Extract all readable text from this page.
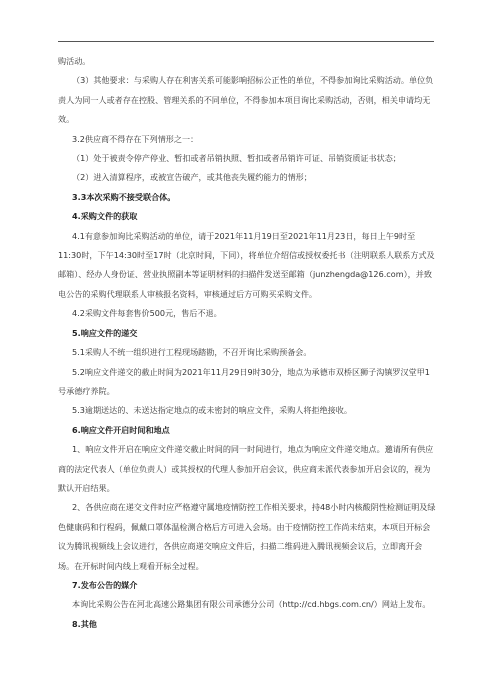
购活动。

（3）其他要求：与采购人存在利害关系可能影响招标公正性的单位，不得参加询比采购活动。单位负责人为同一人或者存在控股、管理关系的不同单位，不得参加本项目询比采购活动，否则，相关申请均无效。

3.2供应商不得存在下列情形之一：

（1）处于被责令停产停业、暂扣或者吊销执照、暂扣或者吊销许可证、吊销资质证书状态；

（2）进入清算程序，或被宣告破产，或其他丧失履约能力的情形；

3.3本次采购不接受联合体。

4.采购文件的获取

4.1有意参加询比采购活动的单位，请于2021年11月19日至2021年11月23日，每日上午9时至11:30时，下午14:30时至17时（北京时间，下同），将单位介绍信或授权委托书（注明联系人联系方式及邮箱）、经办人身份证、营业执照副本等证明材料的扫描件发送至邮箱（junzhengda@126.com），并致电公告的采购代理联系人审核报名资料，审核通过后方可购买采购文件。

4.2采购文件每套售价500元，售后不退。

5.响应文件的递交

5.1采购人不统一组织进行工程现场踏勘，不召开询比采购预备会。

5.2响应文件递交的截止时间为2021年11月29日9时30分，地点为承德市双桥区狮子沟镇罗汉堂甲1号承德疗养院。

5.3逾期送达的、未送达指定地点的或未密封的响应文件，采购人将拒绝接收。

6.响应文件开启时间和地点

1、响应文件开启在响应文件递交截止时间的同一时间进行，地点为响应文件递交地点。邀请所有供应商的法定代表人（单位负责人）或其授权的代理人参加开启会议，供应商未派代表参加开启会议的，视为默认开启结果。

2、各供应商在递交文件时应严格遵守属地疫情防控工作相关要求，持48小时内核酸阴性检测证明及绿色健康码和行程码，佩戴口罩体温检测合格后方可进入会场。由于疫情防控工作尚未结束，本项目开标会议为腾讯视频线上会议进行，各供应商递交响应文件后，扫描二维码进入腾讯视频会议后，立即离开会场。在开标时间内线上观看开标全过程。

7.发布公告的媒介

本询比采购公告在河北高速公路集团有限公司承德分公司（http://cd.hbgs.com.cn/）网站上发布。

8.其他
